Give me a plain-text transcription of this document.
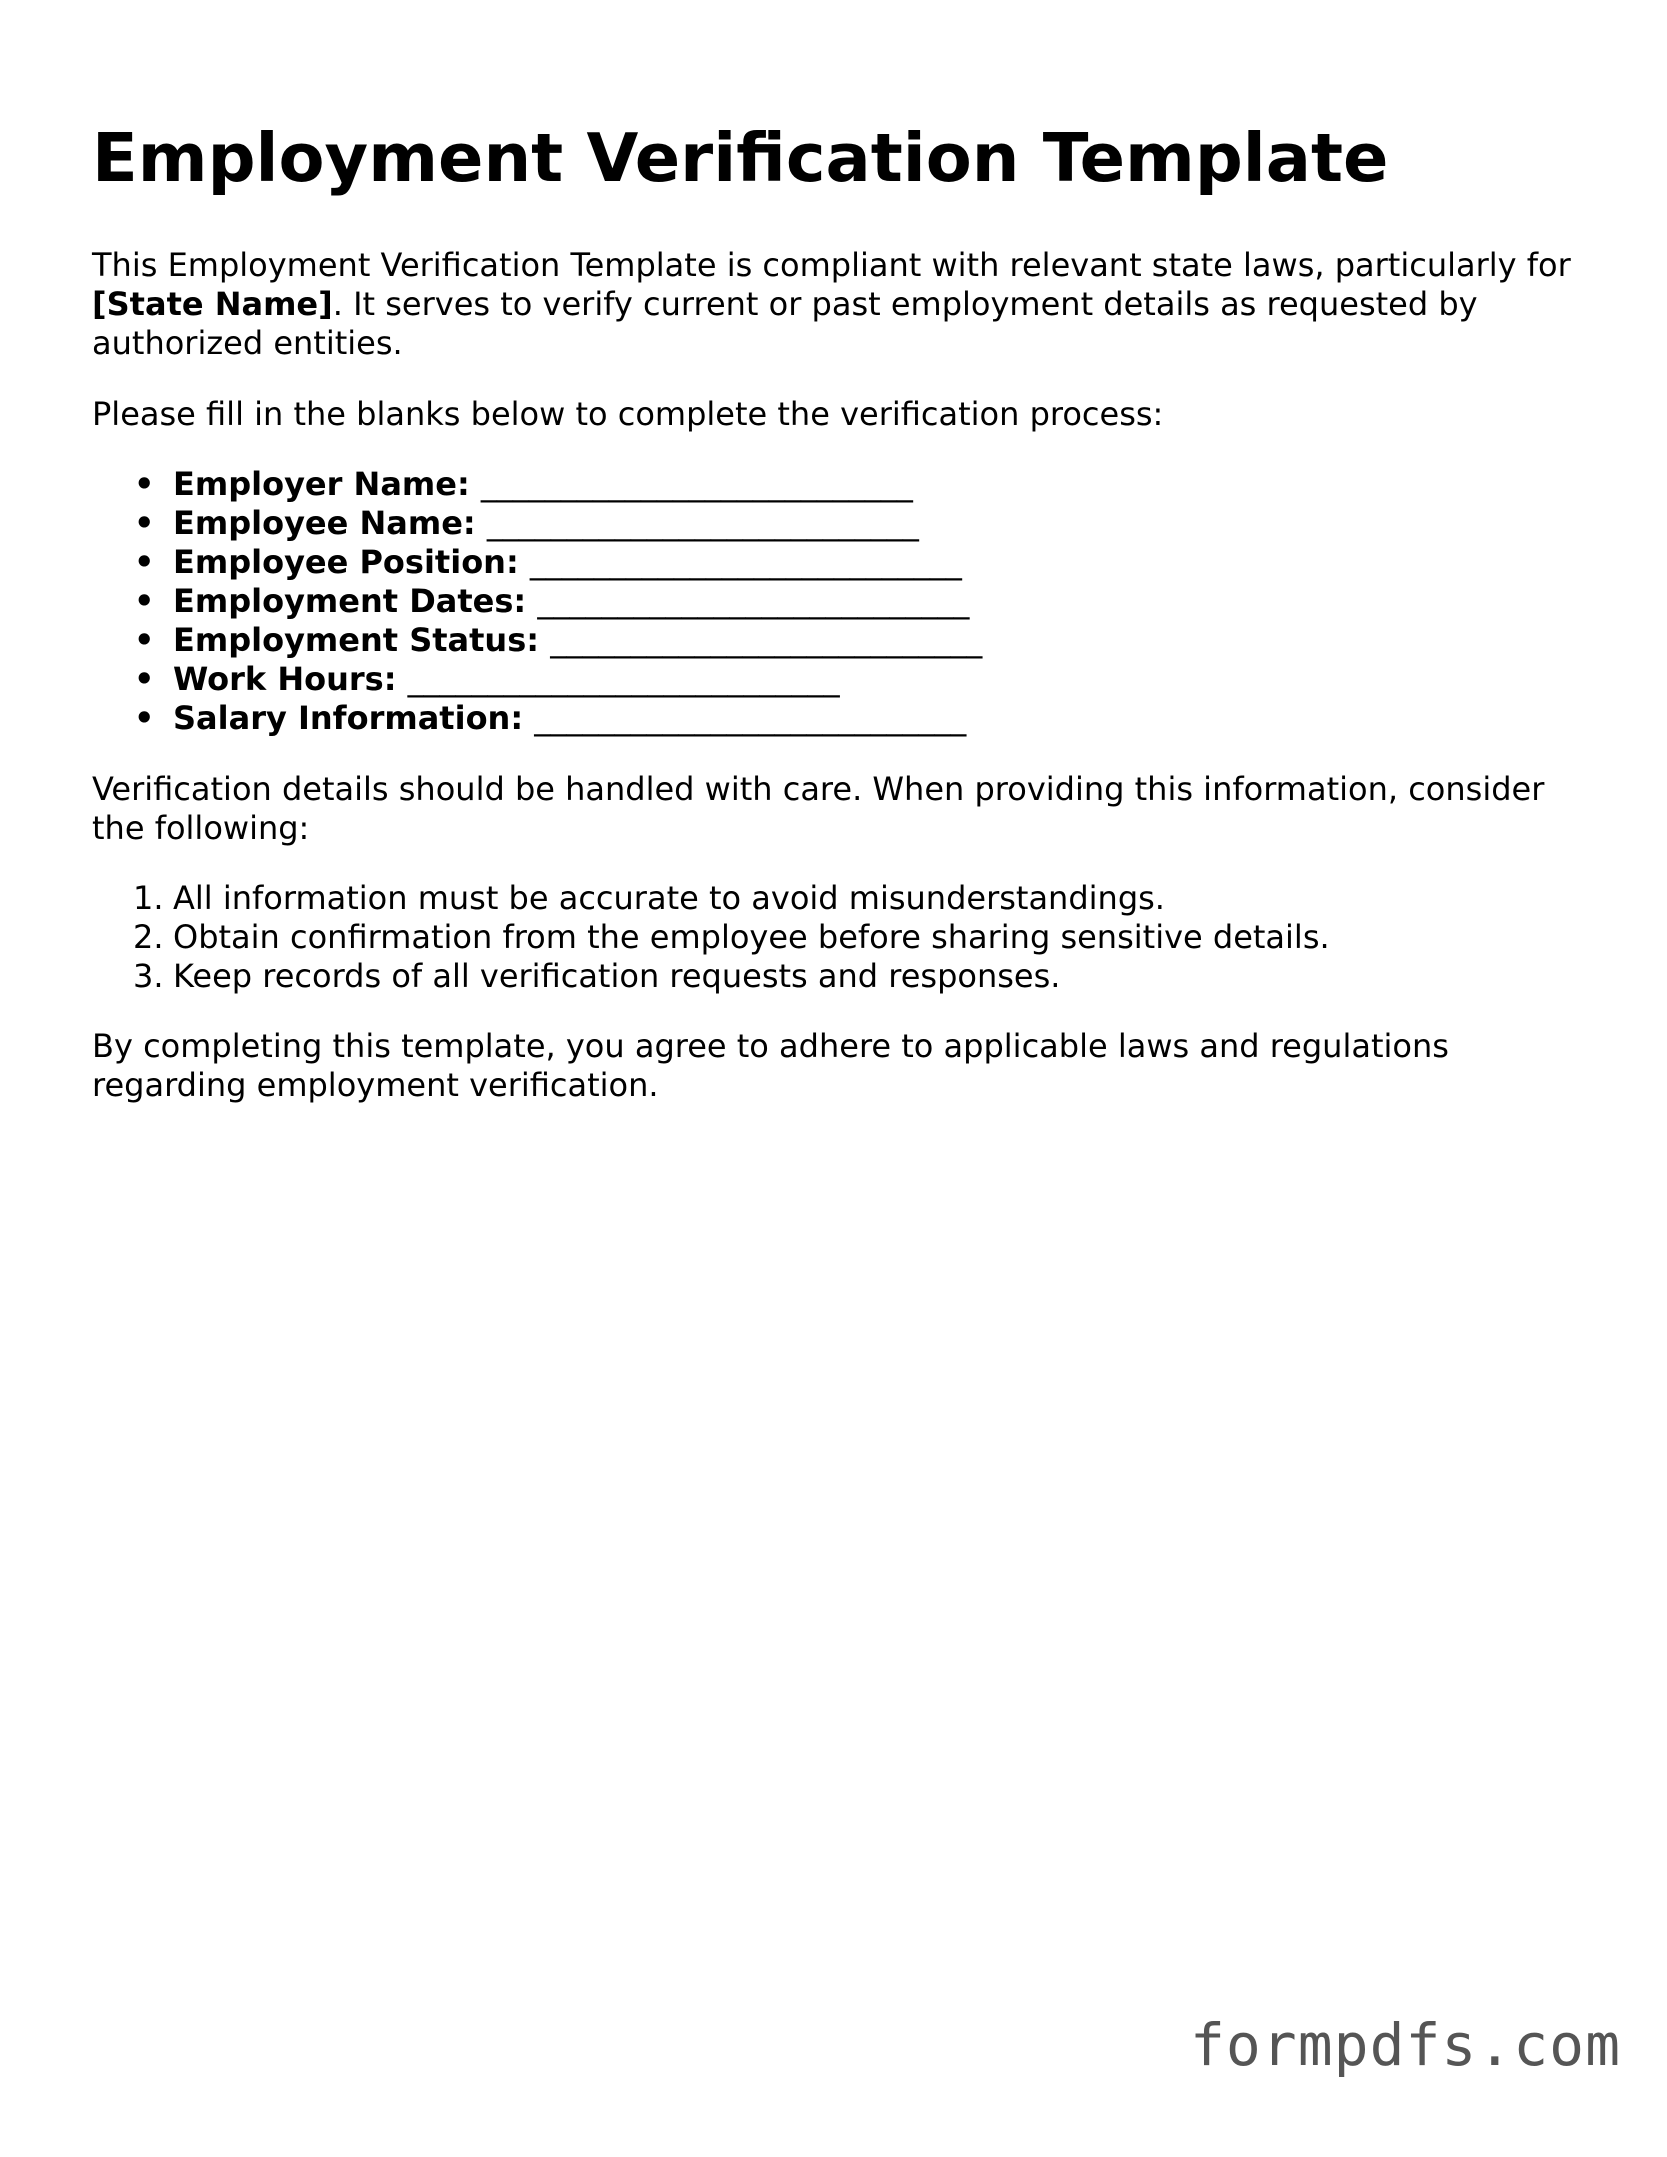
Employment Verification Template

This Employment Verification Template is compliant with relevant state laws, particularly for [State Name]. It serves to verify current or past employment details as requested by authorized entities.

Please fill in the blanks below to complete the verification process:

• Employer Name: ___________________________
• Employee Name: ___________________________
• Employee Position: ___________________________
• Employment Dates: ___________________________
• Employment Status: ___________________________
• Work Hours: ___________________________
• Salary Information: ___________________________

Verification details should be handled with care. When providing this information, consider the following:

1. All information must be accurate to avoid misunderstandings.
2. Obtain confirmation from the employee before sharing sensitive details.
3. Keep records of all verification requests and responses.

By completing this template, you agree to adhere to applicable laws and regulations regarding employment verification.

formpdfs.com
